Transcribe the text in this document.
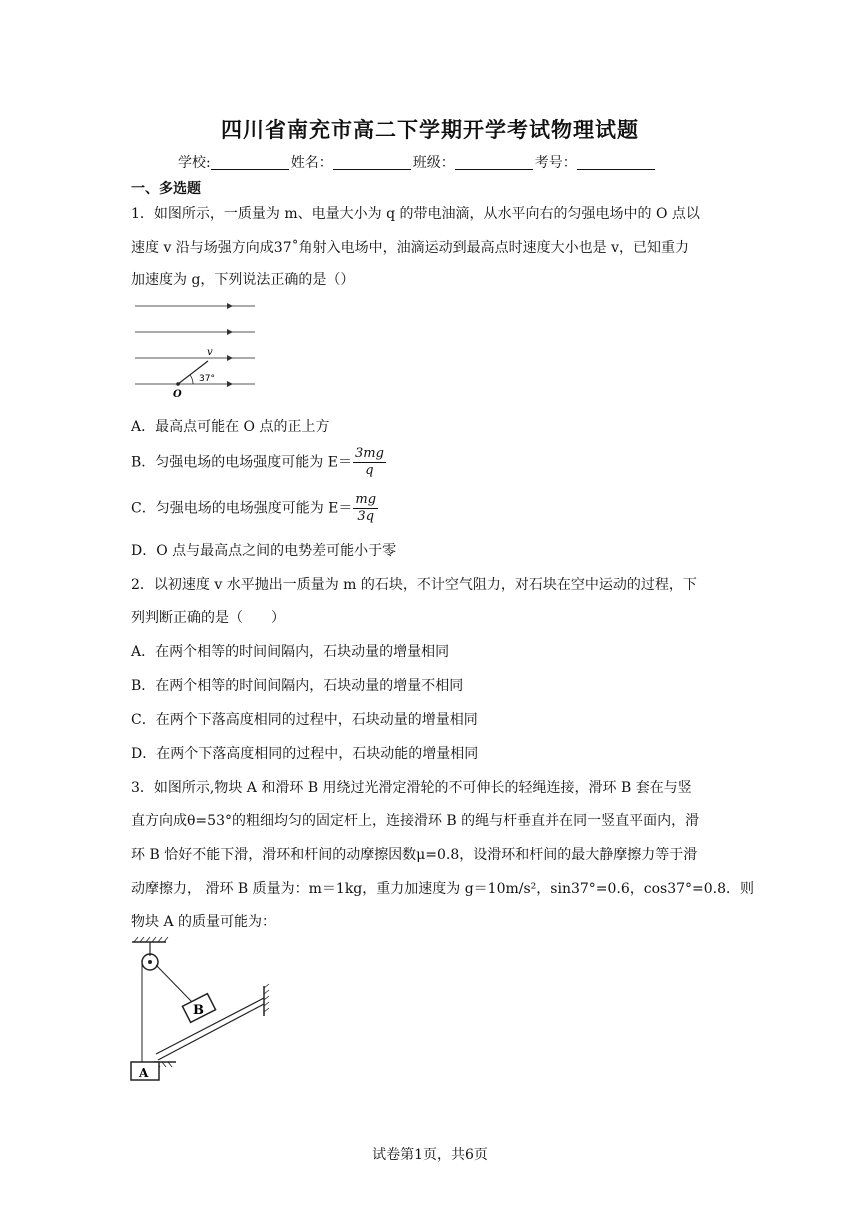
四川省南充市高二下学期开学考试物理试题
学校:	姓名：	班级：	考号：
一、多选题
1．如图所示，一质量为 m、电量大小为 q 的带电油滴，从水平向右的匀强电场中的 O 点以
速度 v 沿与场强方向成37˚角射入电场中，油滴运动到最高点时速度大小也是 v，已知重力
加速度为 g，下列说法正确的是（）
v
37°
O
A．最高点可能在 O 点的正上方
B．匀强电场的电场强度可能为 $E= \frac{3mg}{q}$
C．匀强电场的电场强度可能为 $E= \frac{mg}{3q}$
D．O 点与最高点之间的电势差可能小于零
2．以初速度 v 水平抛出一质量为 m 的石块，不计空气阻力，对石块在空中运动的过程，下
列判断正确的是（　　）
A．在两个相等的时间间隔内，石块动量的增量相同
B．在两个相等的时间间隔内，石块动量的增量不相同
C．在两个下落高度相同的过程中，石块动量的增量相同
D．在两个下落高度相同的过程中，石块动能的增量相同
3．如图所示,物块 A 和滑环 B 用绕过光滑定滑轮的不可伸长的轻绳连接，滑环 B 套在与竖
直方向成θ=53°的粗细均匀的固定杆上，连接滑环 B 的绳与杆垂直并在同一竖直平面内，滑
环 B 恰好不能下滑，滑环和杆间的动摩擦因数μ=0.8，设滑环和杆间的最大静摩擦力等于滑
动摩擦力， 滑环 B 质量为：m＝1kg，重力加速度为 g＝10m/s²，sin37°=0.6，cos37°=0.8．则
物块 A 的质量可能为：
B
A
试卷第1页，共6页
